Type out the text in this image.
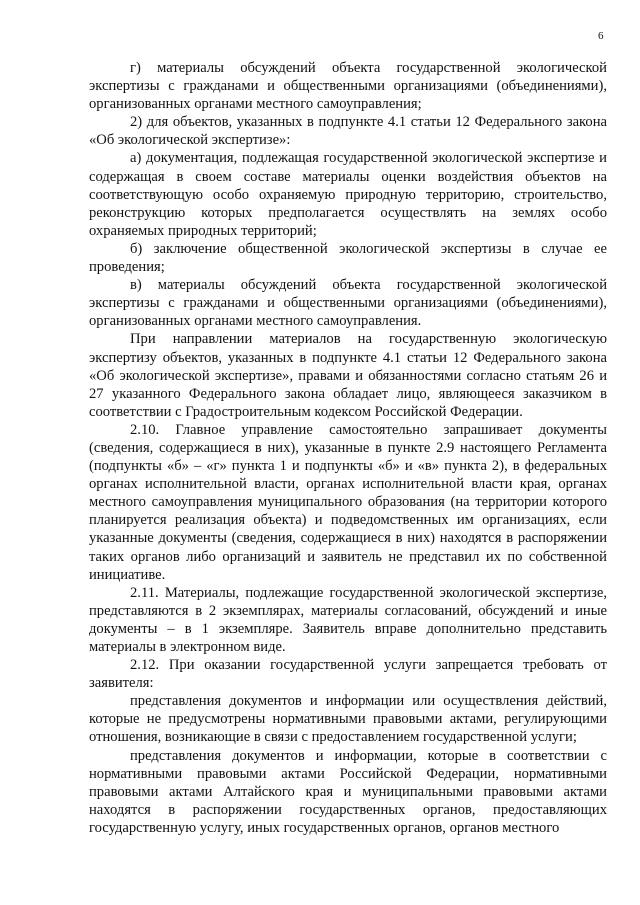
6

г) материалы обсуждений объекта государственной экологической экспертизы с гражданами и общественными организациями (объединениями), организованных органами местного самоуправления;

2) для объектов, указанных в подпункте 4.1 статьи 12 Федерального закона «Об экологической экспертизе»:

а) документация, подлежащая государственной экологической экспертизе и содержащая в своем составе материалы оценки воздействия объектов на соответствующую особо охраняемую природную территорию, строительство, реконструкцию которых предполагается осуществлять на землях особо охраняемых природных территорий;

б) заключение общественной экологической экспертизы в случае ее проведения;

в) материалы обсуждений объекта государственной экологической экспертизы с гражданами и общественными организациями (объединениями), организованных органами местного самоуправления.

При направлении материалов на государственную экологическую экспертизу объектов, указанных в подпункте 4.1 статьи 12 Федерального закона «Об экологической экспертизе», правами и обязанностями согласно статьям 26 и 27 указанного Федерального закона обладает лицо, являющееся заказчиком в соответствии с Градостроительным кодексом Российской Федерации.

2.10. Главное управление самостоятельно запрашивает документы (сведения, содержащиеся в них), указанные в пункте 2.9 настоящего Регламента (подпункты «б» – «г» пункта 1 и подпункты «б» и «в» пункта 2), в федеральных органах исполнительной власти, органах исполнительной власти края, органах местного самоуправления муниципального образования (на территории которого планируется реализация объекта) и подведомственных им организациях, если указанные документы (сведения, содержащиеся в них) находятся в распоряжении таких органов либо организаций и заявитель не представил их по собственной инициативе.

2.11. Материалы, подлежащие государственной экологической экспертизе, представляются в 2 экземплярах, материалы согласований, обсуждений и иные документы – в 1 экземпляре. Заявитель вправе дополнительно представить материалы в электронном виде.

2.12. При оказании государственной услуги запрещается требовать от заявителя:

представления документов и информации или осуществления действий, которые не предусмотрены нормативными правовыми актами, регулирующими отношения, возникающие в связи с предоставлением государственной услуги;

представления документов и информации, которые в соответствии с нормативными правовыми актами Российской Федерации, нормативными правовыми актами Алтайского края и муниципальными правовыми актами находятся в распоряжении государственных органов, предоставляющих государственную услугу, иных государственных органов, органов местного
